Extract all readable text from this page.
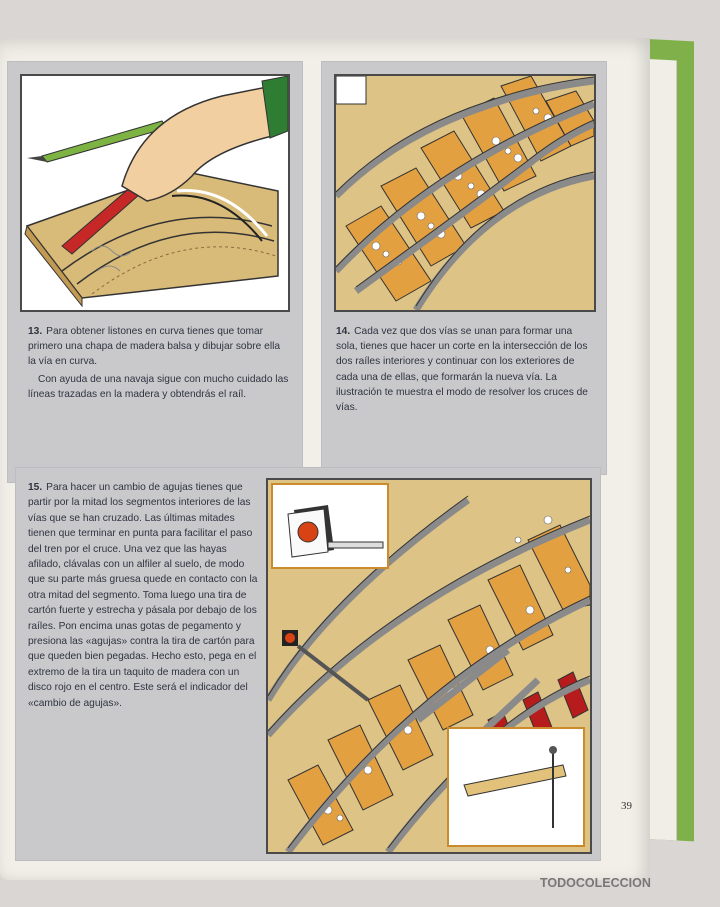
13. Para obtener listones en curva tienes que tomar primero una chapa de madera balsa y dibujar sobre ella la vía en curva.

Con ayuda de una navaja sigue con mucho cuidado las líneas trazadas en la madera y obtendrás el raíl.

14. Cada vez que dos vías se unan para formar una sola, tienes que hacer un corte en la intersección de los dos raíles interiores y continuar con los exteriores de cada una de ellas, que formarán la nueva vía. La ilustración te muestra el modo de resolver los cruces de vías.

15. Para hacer un cambio de agujas tienes que partir por la mitad los segmentos interiores de las vías que se han cruzado. Las últimas mitades tienen que terminar en punta para facilitar el paso del tren por el cruce. Una vez que las hayas afilado, clávalas con un alfiler al suelo, de modo que su parte más gruesa quede en contacto con la otra mitad del segmento. Toma luego una tira de cartón fuerte y estrecha y pásala por debajo de los raíles. Pon encima unas gotas de pegamento y presiona las «agujas» contra la tira de cartón para que queden bien pegadas. Hecho esto, pega en el extremo de la tira un taquito de madera con un disco rojo en el centro. Este será el indicador del «cambio de agujas».

39
TODOCOLECCION
